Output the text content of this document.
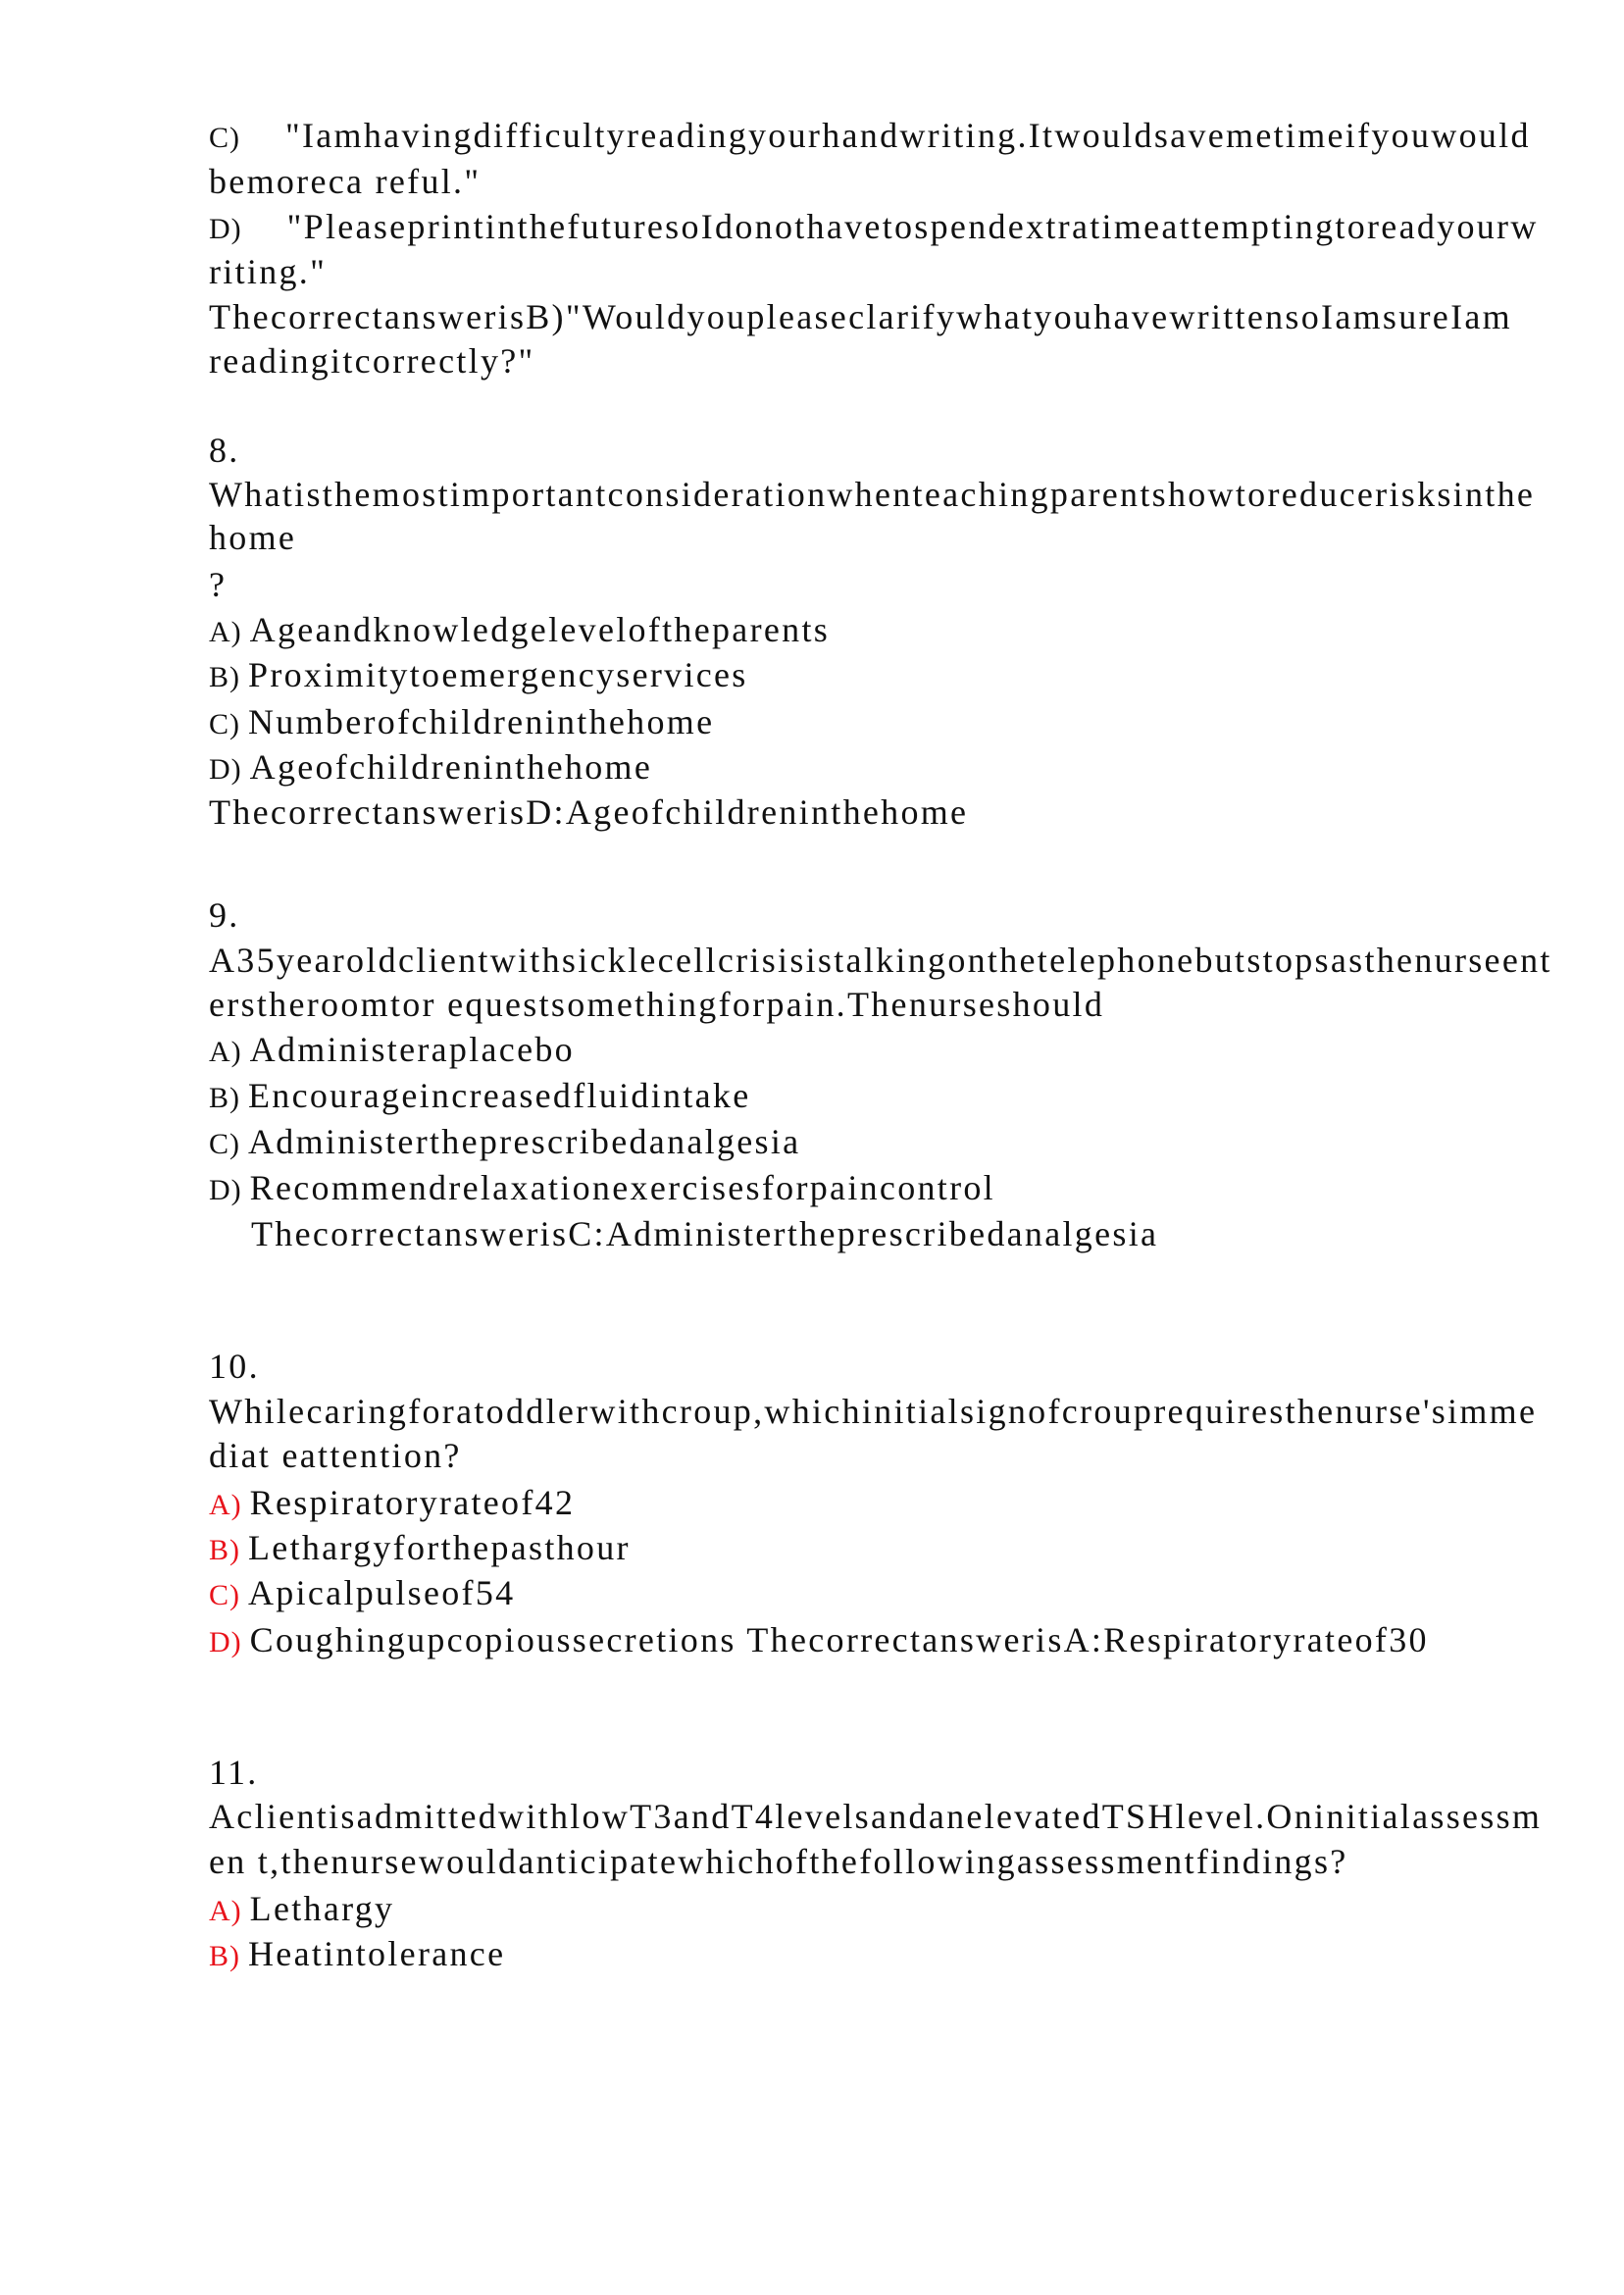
C) "Iamhavingdifficultyreadingyourhandwriting.Itwouldsavemetimeifyouwould
bemoreca reful."
D) "PleaseprintinthefuturesoIdonothavetospendextratimeattemptingtoreadyourw
riting."
ThecorrectanswerisB)"WouldyoupleaseclarifywhatyouhavewrittensoIamsureIam
readingitcorrectly?"
8.
Whatisthemostimportantconsiderationwhenteachingparentshowtoreducerisksinthe
home
?
A) Ageandknowledgeleveloftheparents
B) Proximitytoemergencyservices
C) Numberofchildreninthehome
D) Ageofchildreninthehome
ThecorrectanswerisD:Ageofchildreninthehome
9.
A35yearoldclientwithsicklecellcrisisistalkingonthetelephonebutstopsasthenurseent
erstheroomtor equestsomethingforpain.Thenurseshould
A) Administeraplacebo
B) Encourageincreasedfluidintake
C) Administertheprescribedanalgesia
D) Recommendrelaxationexercisesforpaincontrol
ThecorrectanswerisC:Administertheprescribedanalgesia
10.
Whilecaringforatoddlerwithcroup,whichinitialsignofcrouprequiresthenurse'simme
diat eattention?
A) Respiratoryrateof42
B) Lethargyforthepasthour
C) Apicalpulseof54
D) Coughingupcopioussecretions ThecorrectanswerisA:Respiratoryrateof30
11.
AclientisadmittedwithlowT3andT4levelsandanelevatedTSHlevel.Oninitialassessm
en t,thenursewouldanticipatewhichofthefollowingassessmentfindings?
A) Lethargy
B) Heatintolerance
